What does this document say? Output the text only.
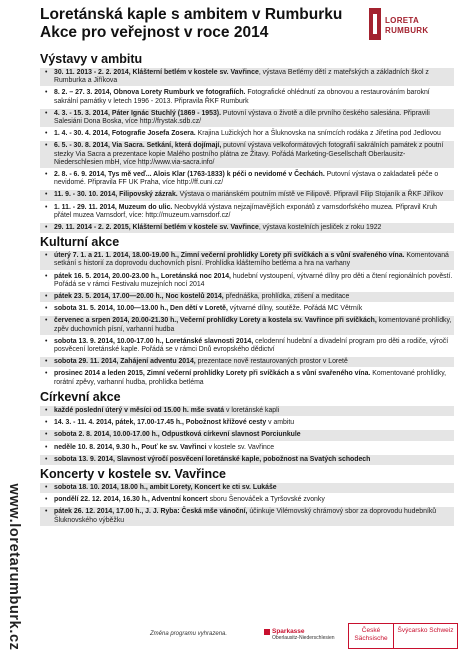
www.loretarumburk.cz
Loretánská kaple s ambitem v Rumburku
Akce pro veřejnost v roce 2014
LORETA
RUMBURK
Výstavy v ambitu
• 30. 11. 2013 - 2. 2. 2014, Klášterní betlém v kostele sv. Vavřince, výstava Betlémy dětí z mateřských a základních škol z Rumburka a Jiříkova
• 8. 2. – 27. 3. 2014, Obnova Lorety Rumburk ve fotografiích. Fotografické ohlédnutí za obnovou a restaurováním barokní sakrální památky v letech 1996 - 2013. Připravila ŘKF Rumburk
• 4. 3. - 15. 3. 2014, Páter Ignác Stuchlý (1869 - 1953). Putovní výstava o životě a díle prvního českého salesiána. Připravili Salesiáni Dona Boska, více http://frystak.sdb.cz/
• 1. 4. - 30. 4. 2014, Fotografie Josefa Zosera. Krajina Lužických hor a Šluknovska na snímcích rodáka z Jiřetína pod Jedlovou
• 6. 5. - 30. 8. 2014, Via Sacra. Setkání, která dojímají, putovní výstava velkoformátových fotografií sakrálních památek z poutní stezky Via Sacra a prezentace kopie Malého postního plátna ze Žitavy. Pořádá Marketing-Gesellschaft Oberlausitz-Niederschlesien mbH, více http://www.via-sacra.info/
• 2. 8. - 6. 9. 2014, Tys mě veď... Alois Klar (1763-1833) k péči o nevidomé v Čechách. Putovní výstava o zakladateli péče o nevidomé. Připravila FF UK Praha, více http://ff.cuni.cz/
• 11. 9. - 30. 10. 2014, Filipovský zázrak. Výstava o mariánském poutním místě ve Filipově. Připravil Filip Stojaník a ŘKF Jiříkov
• 1. 11. - 29. 11. 2014, Muzeum do ulic. Neobvyklá výstava nejzajímavějších exponátů z varnsdorfského muzea. Připravil Kruh přátel muzea Varnsdorf, více: http://muzeum.varnsdorf.cz/
• 29. 11. 2014 - 2. 2. 2015, Klášterní betlém v kostele sv. Vavřince, výstava kostelních jesliček z roku 1922
Kulturní akce
• úterý 7. 1. a 21. 1. 2014, 18.00-19.00 h., Zimní večerní prohlídky Lorety při svíčkách a s vůní svařeného vína. Komentovaná setkání s historií za doprovodu duchovních písní. Prohlídka klášterního betléma a hra na varhany
• pátek 16. 5. 2014, 20.00-23.00 h., Loretánská noc 2014, hudební vystoupení, výtvarné dílny pro děti a čtení regionálních pověstí. Pořádá se v rámci Festivalu muzejních nocí 2014
• pátek 23. 5. 2014, 17.00—20.00 h., Noc kostelů 2014, přednáška, prohlídka, ztišení a meditace
• sobota 31. 5. 2014, 10.00—13.00 h., Den dětí v Loretě, výtvarné dílny, soutěže. Pořádá MC Větrník
• červenec a srpen 2014, 20.00-21.30 h., Večerní prohlídky Lorety a kostela sv. Vavřince při svíčkách, komentované prohlídky, zpěv duchovních písní, varhanní hudba
• sobota 13. 9. 2014, 10.00-17.00 h., Loretánské slavnosti 2014, celodenní hudební a divadelní program pro děti a rodiče, výročí posvěcení loretánské kaple. Pořádá se v rámci Dnů evropského dědictví
• sobota 29. 11. 2014, Zahájení adventu 2014, prezentace nově restaurovaných prostor v Loretě
• prosinec 2014 a leden 2015, Zimní večerní prohlídky Lorety při svíčkách a s vůní svařeného vína. Komentované prohlídky, rorátní zpěvy, varhanní hudba, prohlídka betléma
Církevní akce
• každé poslední úterý v měsíci od 15.00 h. mše svatá v loretánské kapli
• 14. 3. - 11. 4. 2014, pátek, 17.00-17.45 h., Pobožnost křížové cesty v ambitu
• sobota 2. 8. 2014, 10.00-17.00 h., Odpustková církevní slavnost Porciunkule
• neděle 10. 8. 2014, 9.30 h., Pouť ke sv. Vavřinci v kostele sv. Vavřince
• sobota 13. 9. 2014, Slavnost výročí posvěcení loretánské kaple, pobožnost na Svatých schodech
Koncerty v kostele sv. Vavřince
• sobota 18. 10. 2014, 18.00 h., ambit Lorety, Koncert ke cti sv. Lukáše
• pondělí 22. 12. 2014, 16.30 h., Adventní koncert sboru Šenováček a Tyršovské zvonky
• pátek 26. 12. 2014, 17.00 h., J. J. Ryba: Česká mše vánoční, účinkuje Vilémovský chrámový sbor za doprovodu hudebníků Šluknovského výběžku
Změna programu vyhrazena.	Sparkasse
Oberlausitz-Niederschlesien
České Sächsische
Švýcarsko Schweiz
